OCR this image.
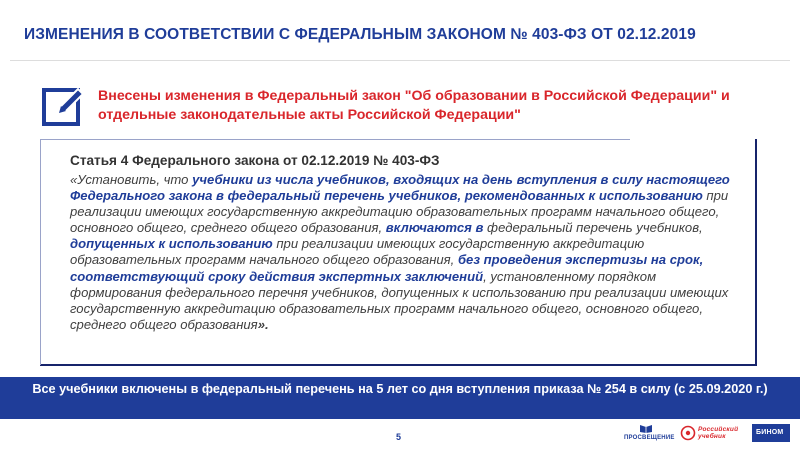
ИЗМЕНЕНИЯ В СООТВЕТСТВИИ С ФЕДЕРАЛЬНЫМ ЗАКОНОМ № 403-ФЗ ОТ 02.12.2019
Внесены изменения в Федеральный закон "Об образовании в Российской Федерации" и отдельные законодательные акты Российской Федерации"
Статья 4 Федерального закона от 02.12.2019 № 403-ФЗ
«Установить, что учебники из числа учебников, входящих на день вступления в силу настоящего Федерального закона в федеральный перечень учебников, рекомендованных к использованию при реализации имеющих государственную аккредитацию образовательных программ начального общего, основного общего, среднего общего образования, включаются в федеральный перечень учебников, допущенных к использованию при реализации имеющих государственную аккредитацию образовательных программ начального общего образования, без проведения экспертизы на срок, соответствующий сроку действия экспертных заключений, установленному порядком формирования федерального перечня учебников, допущенных к использованию при реализации имеющих государственную аккредитацию образовательных программ начального общего, основного общего, среднего общего образования».
Все учебники включены в федеральный перечень на 5 лет со дня вступления приказа № 254 в силу (с 25.09.2020 г.)
5	ПРОСВЕЩЕНИЕ
Российский учебник
БИНОМ
